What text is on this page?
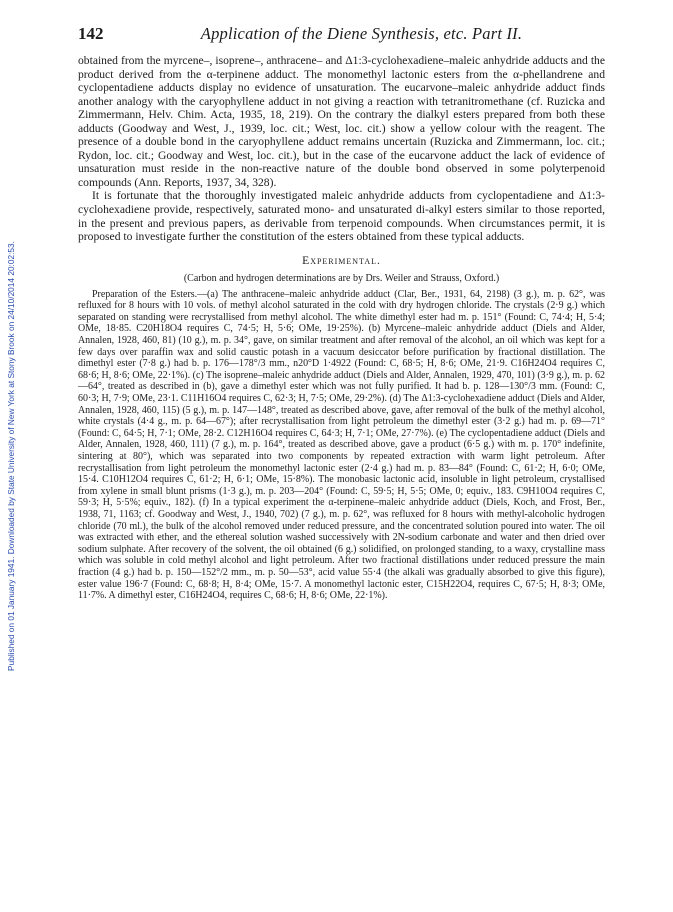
Published on 01 January 1941. Downloaded by State University of New York at Stony Brook on 24/10/2014 20:02:53.
142	Application of the Diene Synthesis, etc. Part II.

obtained from the myrcene–, isoprene–, anthracene– and Δ1:3-cyclohexadiene–maleic anhydride adducts and the product derived from the α-terpinene adduct. The monomethyl lactonic esters from the α-phellandrene and cyclopentadiene adducts display no evidence of unsaturation. The eucarvone–maleic anhydride adduct finds another analogy with the caryophyllene adduct in not giving a reaction with tetranitromethane (cf. Ruzicka and Zimmermann, Helv. Chim. Acta, 1935, 18, 219). On the contrary the dialkyl esters prepared from both these adducts (Goodway and West, J., 1939, loc. cit.; West, loc. cit.) show a yellow colour with the reagent. The presence of a double bond in the caryophyllene adduct remains uncertain (Ruzicka and Zimmermann, loc. cit.; Rydon, loc. cit.; Goodway and West, loc. cit.), but in the case of the eucarvone adduct the lack of evidence of unsaturation must reside in the non-reactive nature of the double bond observed in some polyterpenoid compounds (Ann. Reports, 1937, 34, 328).

It is fortunate that the thoroughly investigated maleic anhydride adducts from cyclopentadiene and Δ1:3-cyclohexadiene provide, respectively, saturated mono- and unsaturated di-alkyl esters similar to those reported, in the present and previous papers, as derivable from terpenoid compounds. When circumstances permit, it is proposed to investigate further the constitution of the esters obtained from these typical adducts.

Experimental.
(Carbon and hydrogen determinations are by Drs. Weiler and Strauss, Oxford.)

Preparation of the Esters.—(a) The anthracene–maleic anhydride adduct (Clar, Ber., 1931, 64, 2198) (3 g.), m. p. 62°, was refluxed for 8 hours with 10 vols. of methyl alcohol saturated in the cold with dry hydrogen chloride. The crystals (2·9 g.) which separated on standing were recrystallised from methyl alcohol. The white dimethyl ester had m. p. 151° (Found: C, 74·4; H, 5·4; OMe, 18·85. C20H18O4 requires C, 74·5; H, 5·6; OMe, 19·25%). (b) Myrcene–maleic anhydride adduct (Diels and Alder, Annalen, 1928, 460, 81) (10 g.), m. p. 34°, gave, on similar treatment and after removal of the alcohol, an oil which was kept for a few days over paraffin wax and solid caustic potash in a vacuum desiccator before purification by fractional distillation. The dimethyl ester (7·8 g.) had b. p. 176—178°/3 mm., n20°D 1·4922 (Found: C, 68·5; H, 8·6; OMe, 21·9. C16H24O4 requires C, 68·6; H, 8·6; OMe, 22·1%). (c) The isoprene–maleic anhydride adduct (Diels and Alder, Annalen, 1929, 470, 101) (3·9 g.), m. p. 62—64°, treated as described in (b), gave a dimethyl ester which was not fully purified. It had b. p. 128—130°/3 mm. (Found: C, 60·3; H, 7·9; OMe, 23·1. C11H16O4 requires C, 62·3; H, 7·5; OMe, 29·2%). (d) The Δ1:3-cyclohexadiene adduct (Diels and Alder, Annalen, 1928, 460, 115) (5 g.), m. p. 147—148°, treated as described above, gave, after removal of the bulk of the methyl alcohol, white crystals (4·4 g., m. p. 64—67°); after recrystallisation from light petroleum the dimethyl ester (3·2 g.) had m. p. 69—71° (Found: C, 64·5; H, 7·1; OMe, 28·2. C12H16O4 requires C, 64·3; H, 7·1; OMe, 27·7%). (e) The cyclopentadiene adduct (Diels and Alder, Annalen, 1928, 460, 111) (7 g.), m. p. 164°, treated as described above, gave a product (6·5 g.) with m. p. 170° indefinite, sintering at 80°), which was separated into two components by repeated extraction with warm light petroleum. After recrystallisation from light petroleum the monomethyl lactonic ester (2·4 g.) had m. p. 83—84° (Found: C, 61·2; H, 6·0; OMe, 15·4. C10H12O4 requires C, 61·2; H, 6·1; OMe, 15·8%). The monobasic lactonic acid, insoluble in light petroleum, crystallised from xylene in small blunt prisms (1·3 g.), m. p. 203—204° (Found: C, 59·5; H, 5·5; OMe, 0; equiv., 183. C9H10O4 requires C, 59·3; H, 5·5%; equiv., 182). (f) In a typical experiment the α-terpinene–maleic anhydride adduct (Diels, Koch, and Frost, Ber., 1938, 71, 1163; cf. Goodway and West, J., 1940, 702) (7 g.), m. p. 62°, was refluxed for 8 hours with methyl-alcoholic hydrogen chloride (70 ml.), the bulk of the alcohol removed under reduced pressure, and the concentrated solution poured into water. The oil was extracted with ether, and the ethereal solution washed successively with 2N-sodium carbonate and water and then dried over sodium sulphate. After recovery of the solvent, the oil obtained (6 g.) solidified, on prolonged standing, to a waxy, crystalline mass which was soluble in cold methyl alcohol and light petroleum. After two fractional distillations under reduced pressure the main fraction (4 g.) had b. p. 150—152°/2 mm., m. p. 50—53°, acid value 55·4 (the alkali was gradually absorbed to give this figure), ester value 196·7 (Found: C, 68·8; H, 8·4; OMe, 15·7. A monomethyl lactonic ester, C15H22O4, requires C, 67·5; H, 8·3; OMe, 11·7%. A dimethyl ester, C16H24O4, requires C, 68·6; H, 8·6; OMe, 22·1%).
